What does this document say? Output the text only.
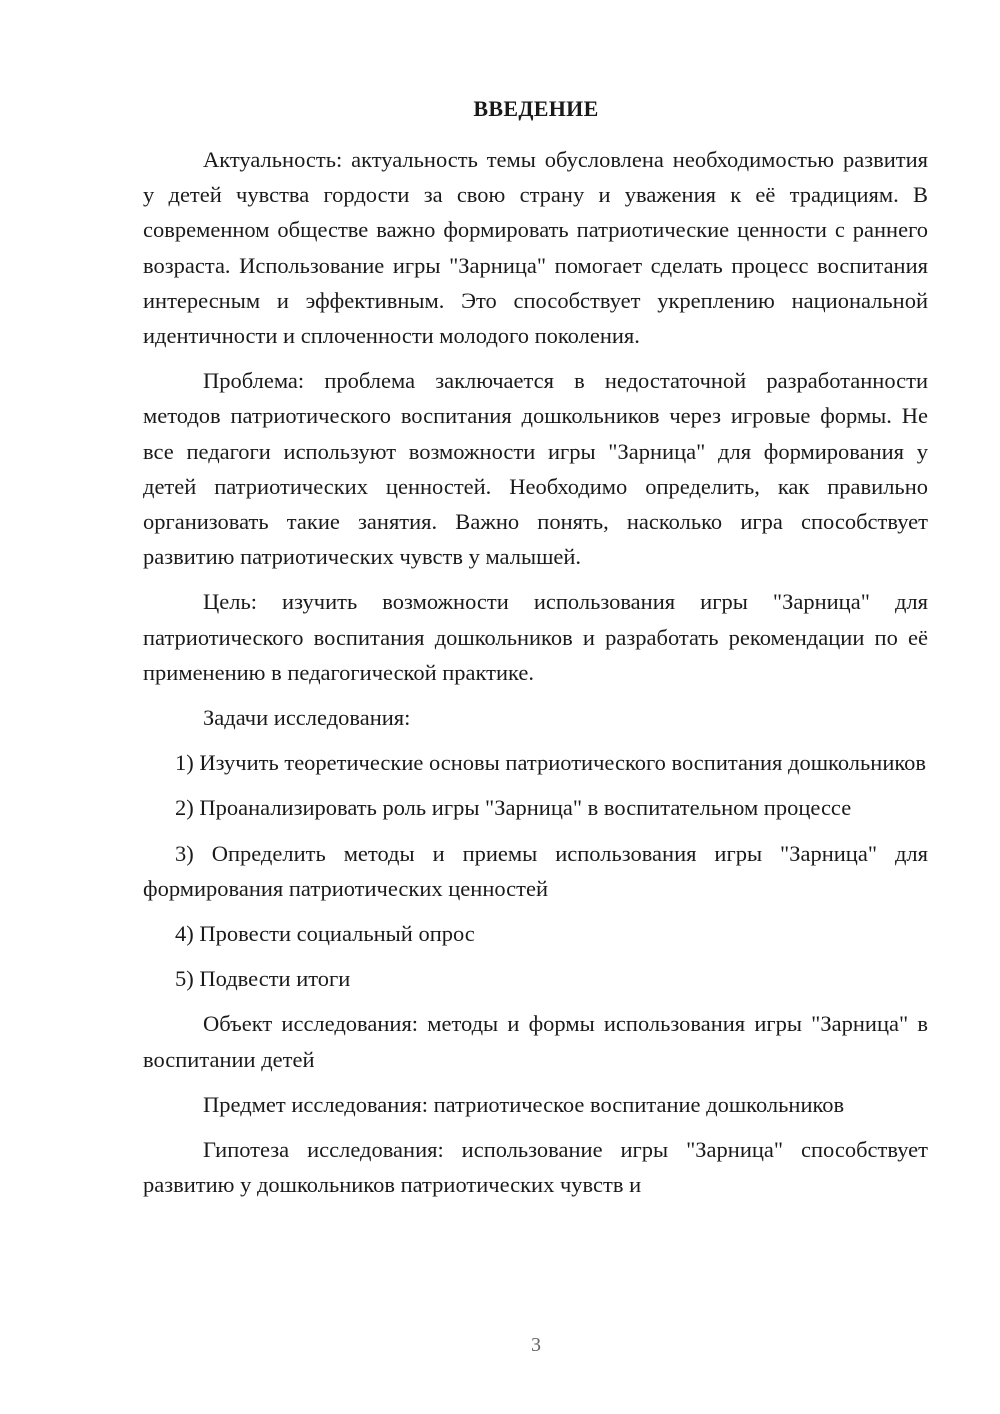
ВВЕДЕНИЕ

Актуальность: актуальность темы обусловлена необходимостью развития у детей чувства гордости за свою страну и уважения к её традициям. В современном обществе важно формировать патриотические ценности с раннего возраста. Использование игры "Зарница" помогает сделать процесс воспитания интересным и эффективным. Это способствует укреплению национальной идентичности и сплоченности молодого поколения.

Проблема: проблема заключается в недостаточной разработанности методов патриотического воспитания дошкольников через игровые формы. Не все педагоги используют возможности игры "Зарница" для формирования у детей патриотических ценностей. Необходимо определить, как правильно организовать такие занятия. Важно понять, насколько игра способствует развитию патриотических чувств у малышей.

Цель: изучить возможности использования игры "Зарница" для патриотического воспитания дошкольников и разработать рекомендации по её применению в педагогической практике.

Задачи исследования:

1) Изучить теоретические основы патриотического воспитания дошкольников

2) Проанализировать роль игры "Зарница" в воспитательном процессе

3) Определить методы и приемы использования игры "Зарница" для формирования патриотических ценностей

4) Провести социальный опрос

5) Подвести итоги

Объект исследования: методы и формы использования игры "Зарница" в воспитании детей

Предмет исследования: патриотическое воспитание дошкольников

Гипотеза исследования: использование игры "Зарница" способствует развитию у дошкольников патриотических чувств и

3
